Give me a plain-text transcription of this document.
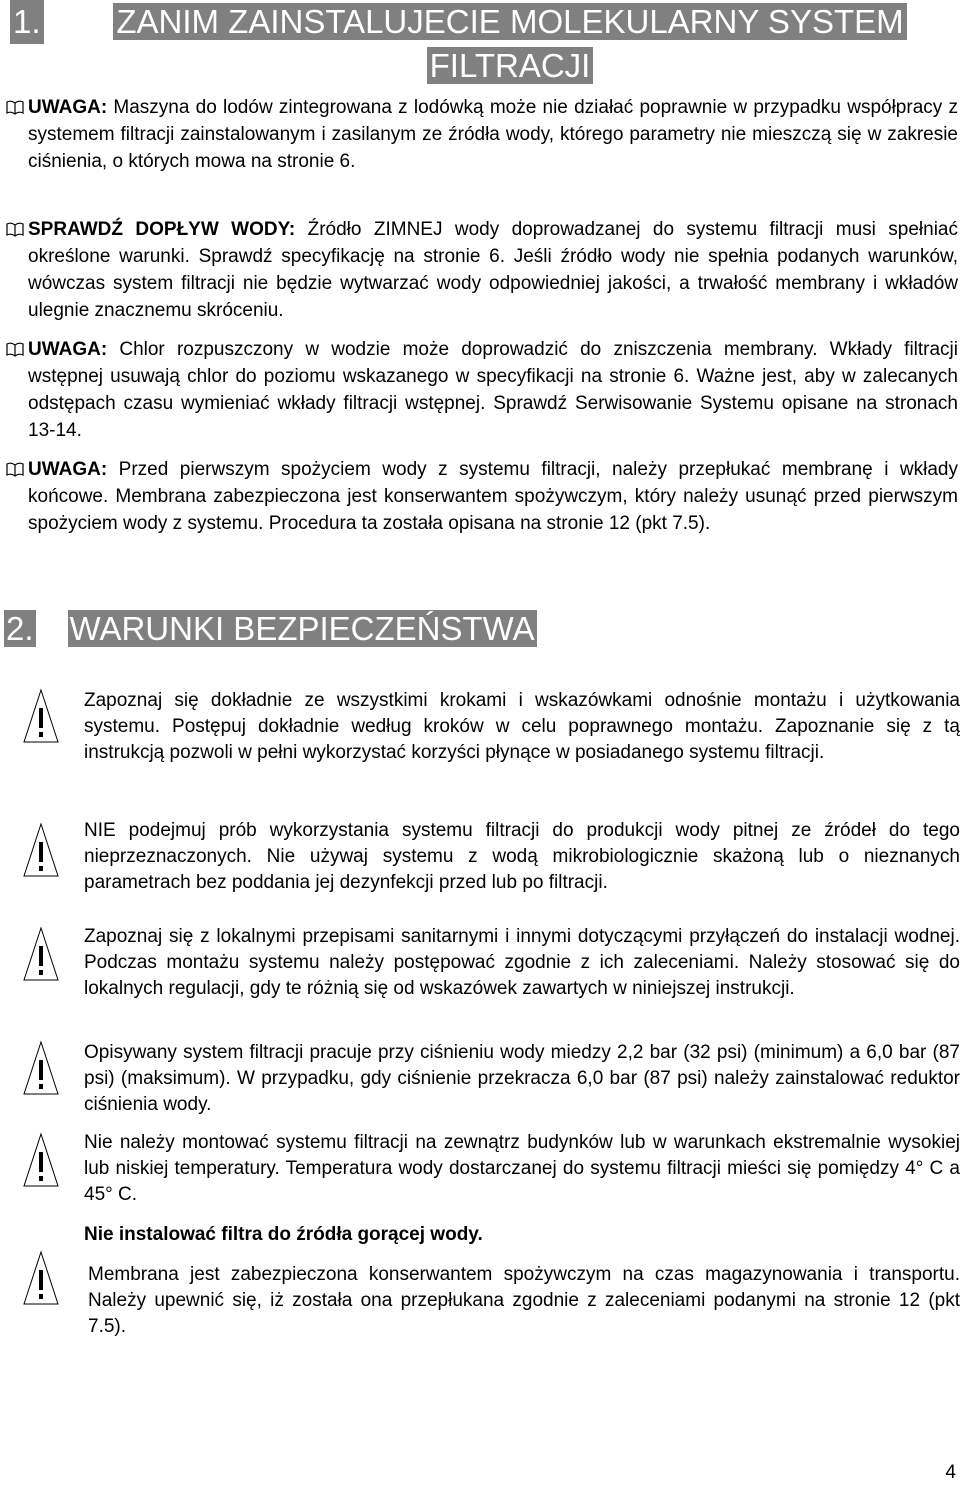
1.	ZANIM ZAINSTALUJECIE MOLEKULARNY SYSTEM
FILTRACJI
UWAGA: Maszyna do lodów zintegrowana z lodówką może nie działać poprawnie w przypadku współpracy z systemem filtracji zainstalowanym i zasilanym ze źródła wody, którego parametry nie mieszczą się w zakresie ciśnienia, o których mowa na stronie 6.
SPRAWDŹ DOPŁYW WODY: Źródło ZIMNEJ wody doprowadzanej do systemu filtracji musi spełniać określone warunki. Sprawdź specyfikację na stronie 6. Jeśli źródło wody nie spełnia podanych warunków, wówczas system filtracji nie będzie wytwarzać wody odpowiedniej jakości, a trwałość membrany i wkładów ulegnie znacznemu skróceniu.
UWAGA: Chlor rozpuszczony w wodzie może doprowadzić do zniszczenia membrany. Wkłady filtracji wstępnej usuwają chlor do poziomu wskazanego w specyfikacji na stronie 6. Ważne jest, aby w zalecanych odstępach czasu wymieniać wkłady filtracji wstępnej. Sprawdź Serwisowanie Systemu opisane na stronach 13-14.
UWAGA: Przed pierwszym spożyciem wody z systemu filtracji, należy przepłukać membranę i wkłady końcowe. Membrana zabezpieczona jest konserwantem spożywczym, który należy usunąć przed pierwszym spożyciem wody z systemu. Procedura ta została opisana na stronie 12 (pkt 7.5).
2. WARUNKI BEZPIECZEŃSTWA
Zapoznaj się dokładnie ze wszystkimi krokami i wskazówkami odnośnie montażu i użytkowania systemu. Postępuj dokładnie według kroków w celu poprawnego montażu. Zapoznanie się z tą instrukcją pozwoli w pełni wykorzystać korzyści płynące w posiadanego systemu filtracji.
NIE podejmuj prób wykorzystania systemu filtracji do produkcji wody pitnej ze źródeł do tego nieprzeznaczonych. Nie używaj systemu z wodą mikrobiologicznie skażoną lub o nieznanych parametrach bez poddania jej dezynfekcji przed lub po filtracji.
Zapoznaj się z lokalnymi przepisami sanitarnymi i innymi dotyczącymi przyłączeń do instalacji wodnej. Podczas montażu systemu należy postępować zgodnie z ich zaleceniami. Należy stosować się do lokalnych regulacji, gdy te różnią się od wskazówek zawartych w niniejszej instrukcji.
Opisywany system filtracji pracuje przy ciśnieniu wody miedzy 2,2 bar (32 psi) (minimum) a 6,0 bar (87 psi) (maksimum). W przypadku, gdy ciśnienie przekracza 6,0 bar (87 psi) należy zainstalować reduktor ciśnienia wody.
Nie należy montować systemu filtracji na zewnątrz budynków lub w warunkach ekstremalnie wysokiej lub niskiej temperatury. Temperatura wody dostarczanej do systemu filtracji mieści się pomiędzy 4° C a 45° C.
Nie instalować filtra do źródła gorącej wody.
Membrana jest zabezpieczona konserwantem spożywczym na czas magazynowania i transportu. Należy upewnić się, iż została ona przepłukana zgodnie z zaleceniami podanymi na stronie 12 (pkt 7.5).
4
